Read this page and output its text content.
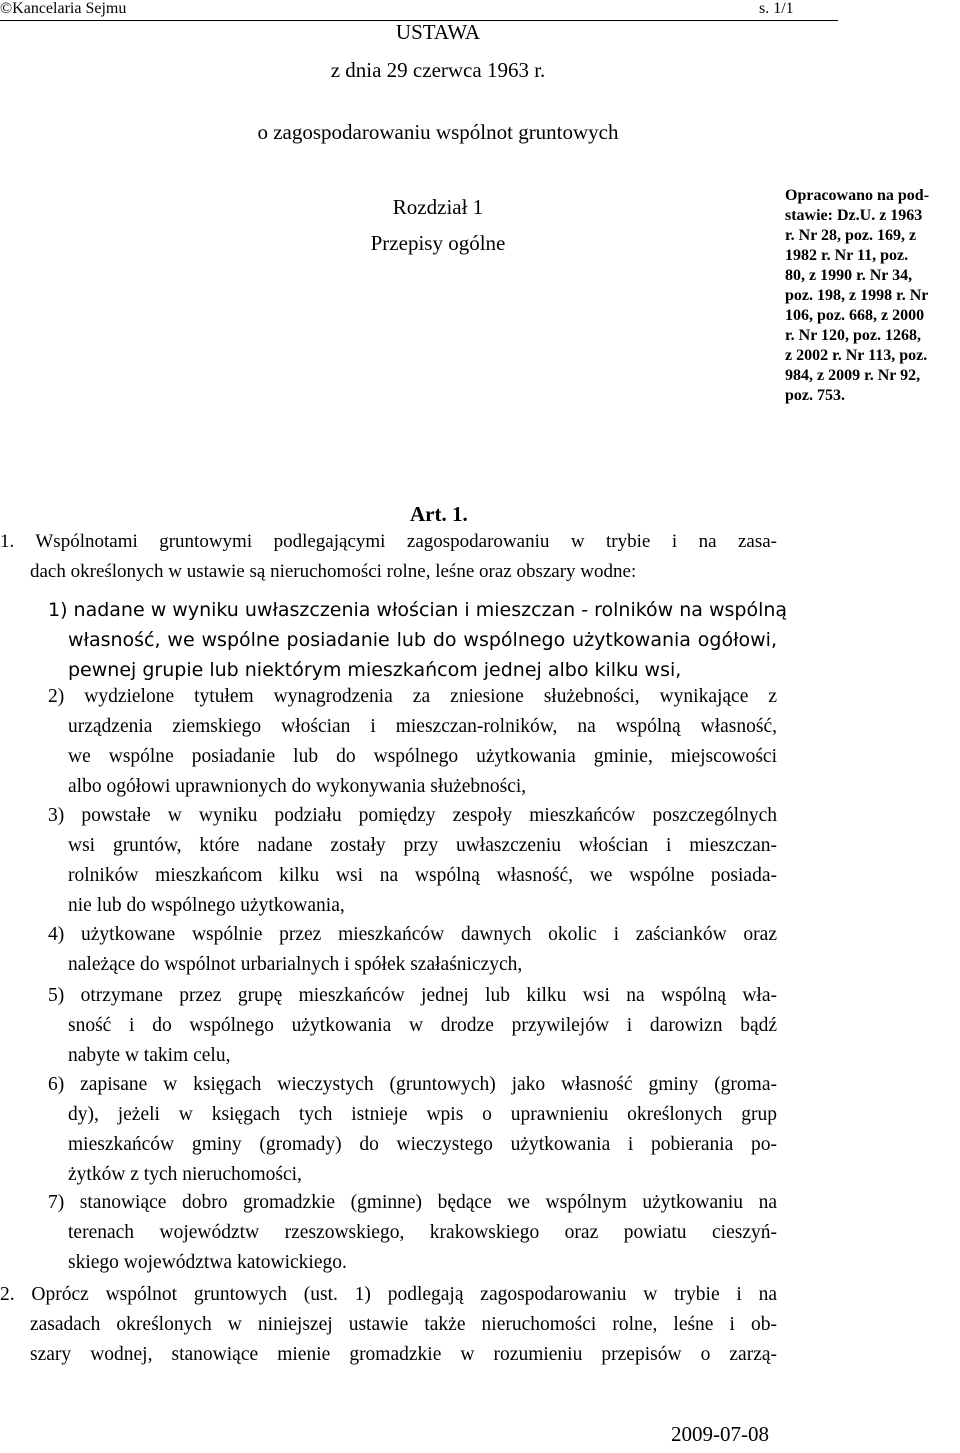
©Kancelaria Sejmu	s. 1/1
USTAWA
z dnia 29 czerwca 1963 r.
o zagospodarowaniu wspólnot gruntowych
Rozdział 1
Przepisy ogólne
Opracowano na pod-
stawie: Dz.U. z 1963
r. Nr 28, poz. 169, z
1982 r. Nr 11, poz.
80, z 1990 r. Nr 34,
poz. 198, z 1998 r. Nr
106, poz. 668, z 2000
r. Nr 120, poz. 1268,
z 2002 r. Nr 113, poz.
984, z 2009 r. Nr 92,
poz. 753.
Art. 1.
1. Wspólnotami gruntowymi podlegającymi zagospodarowaniu w trybie i na zasa-
dach określonych w ustawie są nieruchomości rolne, leśne oraz obszary wodne:
1) nadane w wyniku uwłaszczenia włościan i mieszczan - rolników na wspólną
własność, we wspólne posiadanie lub do wspólnego użytkowania ogółowi,
pewnej grupie lub niektórym mieszkańcom jednej albo kilku wsi,
2) wydzielone tytułem wynagrodzenia za zniesione służebności, wynikające z
urządzenia ziemskiego włościan i mieszczan-rolników, na wspólną własność,
we wspólne posiadanie lub do wspólnego użytkowania gminie, miejscowości
albo ogółowi uprawnionych do wykonywania służebności,
3) powstałe w wyniku podziału pomiędzy zespoły mieszkańców poszczególnych
wsi gruntów, które nadane zostały przy uwłaszczeniu włościan i mieszczan-
rolników mieszkańcom kilku wsi na wspólną własność, we wspólne posiada-
nie lub do wspólnego użytkowania,
4) użytkowane wspólnie przez mieszkańców dawnych okolic i zaścianków oraz
należące do wspólnot urbarialnych i spółek szałaśniczych,
5) otrzymane przez grupę mieszkańców jednej lub kilku wsi na wspólną wła-
sność i do wspólnego użytkowania w drodze przywilejów i darowizn bądź
nabyte w takim celu,
6) zapisane w księgach wieczystych (gruntowych) jako własność gminy (groma-
dy), jeżeli w księgach tych istnieje wpis o uprawnieniu określonych grup
mieszkańców gminy (gromady) do wieczystego użytkowania i pobierania po-
żytków z tych nieruchomości,
7) stanowiące dobro gromadzkie (gminne) będące we wspólnym użytkowaniu na
terenach województw rzeszowskiego, krakowskiego oraz powiatu cieszyń-
skiego województwa katowickiego.
2. Oprócz wspólnot gruntowych (ust. 1) podlegają zagospodarowaniu w trybie i na
zasadach określonych w niniejszej ustawie także nieruchomości rolne, leśne i ob-
szary wodnej, stanowiące mienie gromadzkie w rozumieniu przepisów o zarzą-
2009-07-08
